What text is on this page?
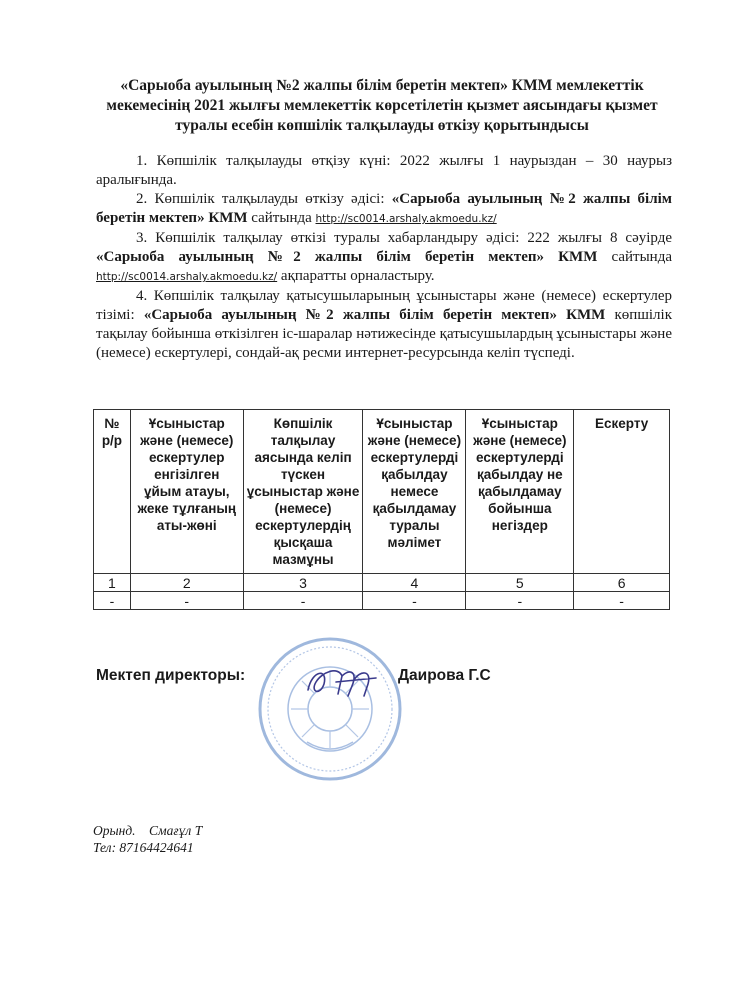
«Сарыоба ауылының №2 жалпы білім беретін мектеп» КММ мемлекеттік мекемесінің 2021 жылғы мемлекеттік көрсетілетін қызмет аясындағы қызмет туралы есебін көпшілік талқылауды өткізу қорытындысы

1. Көпшілік талқылауды өтқізу күні: 2022 жылғы 1 наурыздан – 30 наурыз аралығында.

2. Көпшілік талқылауды өткізу әдісі: «Сарыоба ауылының №2 жалпы білім беретін мектеп» КММ сайтында http://sc0014.arshaly.akmoedu.kz/

3. Көпшілік талқылау өткізі туралы хабарландыру әдісі: 222 жылғы 8 сәуірде «Сарыоба ауылының №2 жалпы білім беретін мектеп» КММ сайтында http://sc0014.arshaly.akmoedu.kz/ ақпаратты орналастыру.

4. Көпшілік талқылау қатысушыларының ұсыныстары және (немесе) ескертулер тізімі: «Сарыоба ауылының №2 жалпы білім беретін мектеп» КММ көпшілік тақылау бойынша өткізілген іс-шаралар нәтижесінде қатысушылардың ұсыныстары және (немесе) ескертулері, сондай-ақ ресми интернет-ресурсында келіп түспеді.

№ р/р	Ұсыныстар және (немесе) ескертулер енгізілген ұйым атауы, жеке тұлғаның аты-жөні	Көпшілік талқылау аясында келіп түскен ұсыныстар және (немесе) ескертулердің қысқаша мазмұны	Ұсыныстар және (немесе) ескертулерді қабылдау немесе қабылдамау туралы мәлімет	Ұсыныстар және (немесе) ескертулерді қабылдау не қабылдамау бойынша негіздер	Ескерту
1	2	3	4	5	6
-	-	-	-	-	-
Мектеп директоры:	Даирова Г.С
Орынд.    Смағұл Т
Тел: 87164424641
